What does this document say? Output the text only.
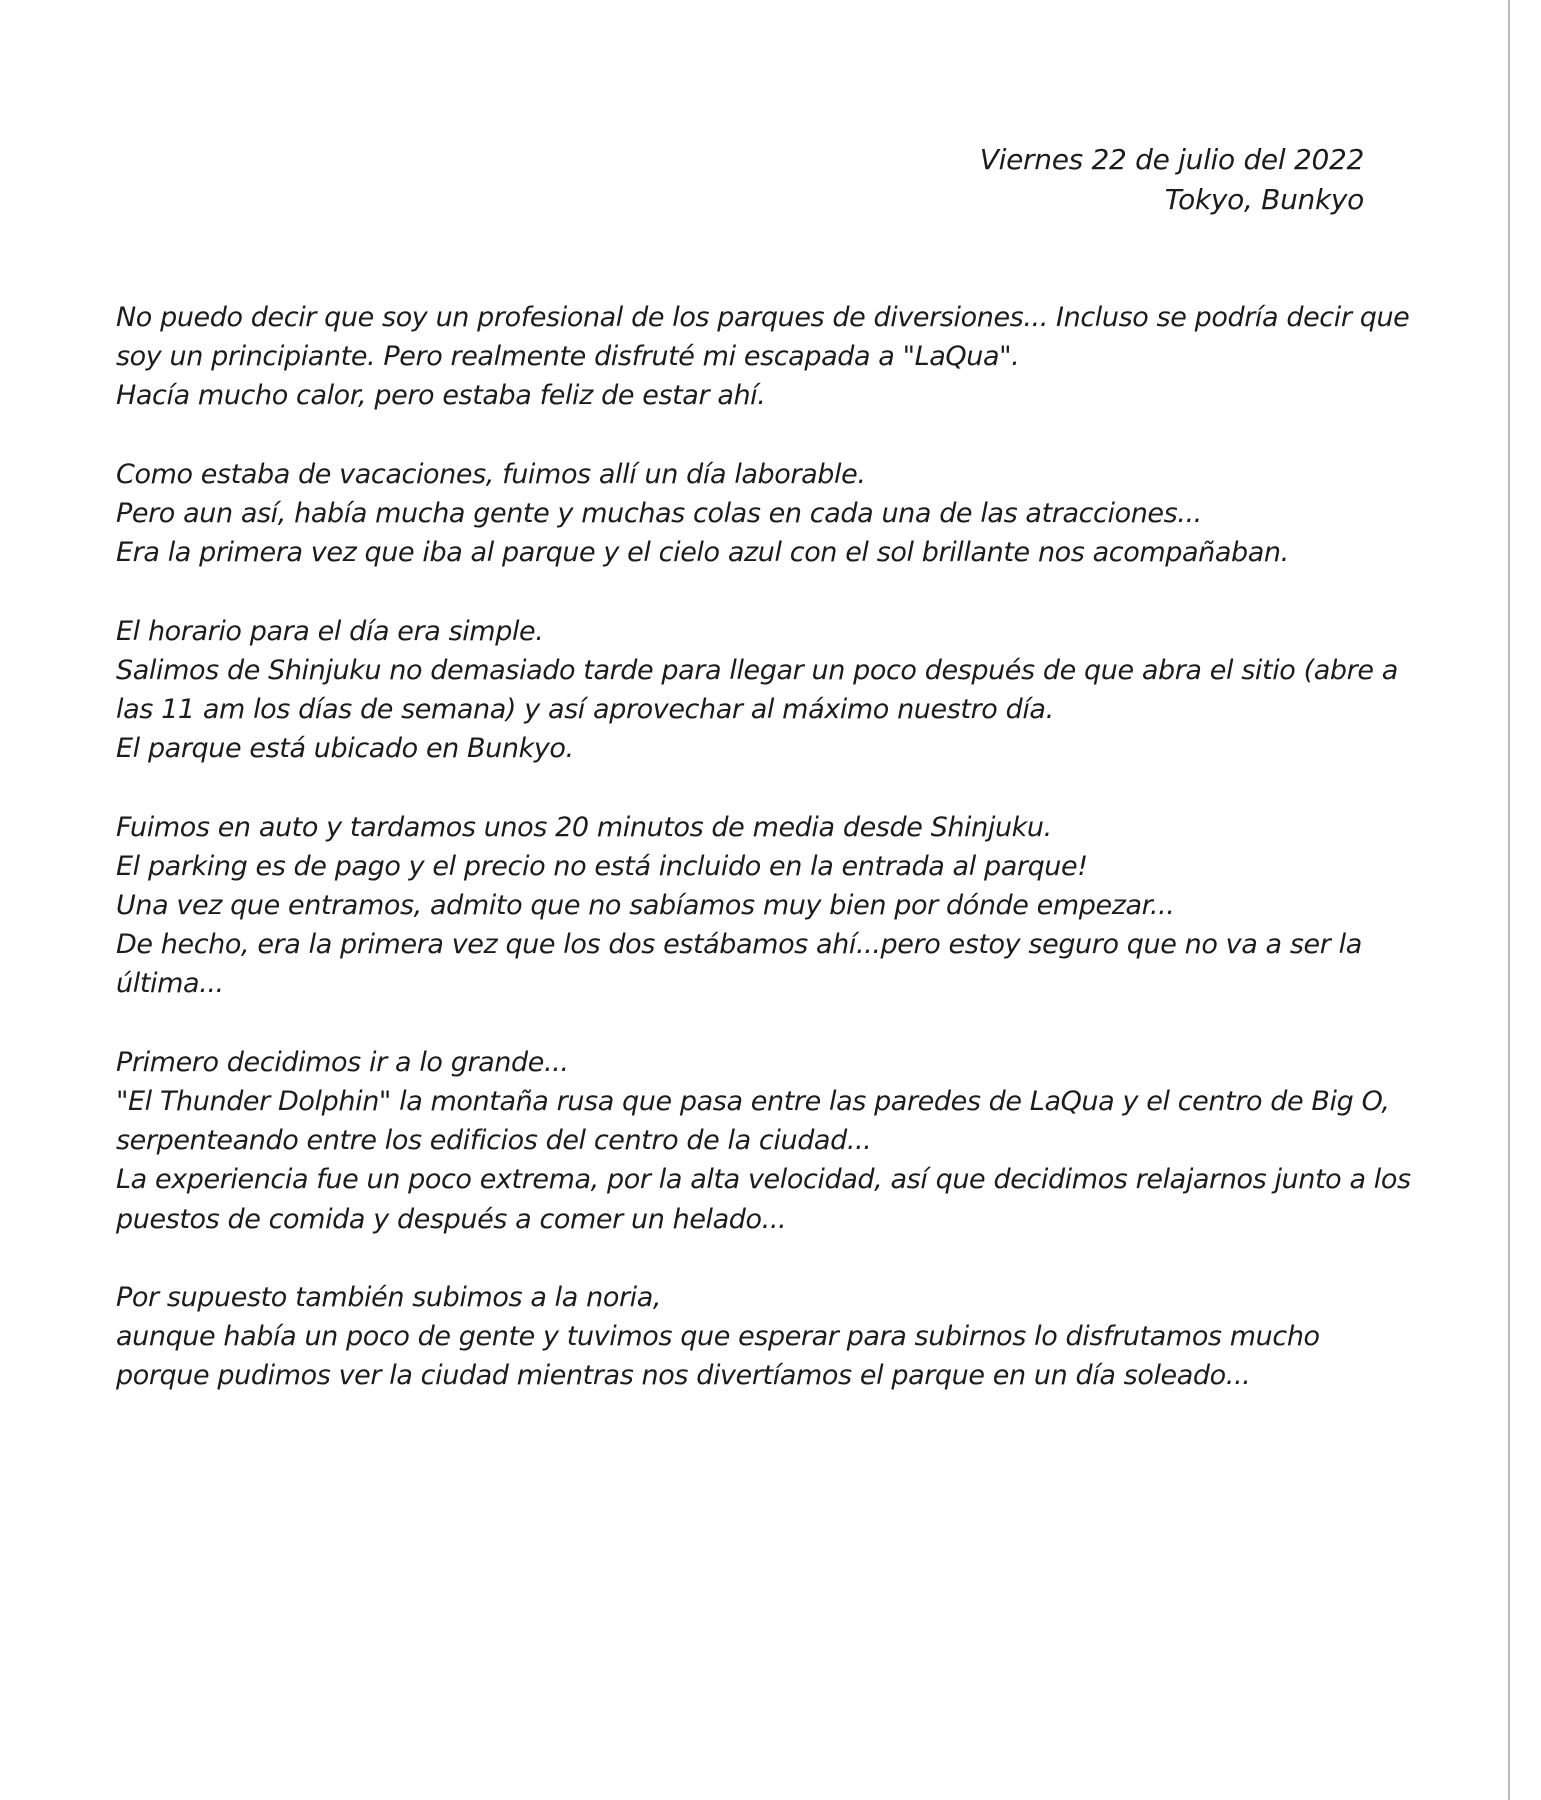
Viernes 22 de julio del 2022
Tokyo, Bunkyo
No puedo decir que soy un profesional de los parques de diversiones... Incluso se podría decir que
soy un principiante. Pero realmente disfruté mi escapada a "LaQua".
Hacía mucho calor, pero estaba feliz de estar ahí.
Como estaba de vacaciones, fuimos allí un día laborable.
Pero aun así, había mucha gente y muchas colas en cada una de las atracciones...
Era la primera vez que iba al parque y el cielo azul con el sol brillante nos acompañaban.
El horario para el día era simple.
Salimos de Shinjuku no demasiado tarde para llegar un poco después de que abra el sitio (abre a
las 11 am los días de semana) y así aprovechar al máximo nuestro día.
El parque está ubicado en Bunkyo.
Fuimos en auto y tardamos unos 20 minutos de media desde Shinjuku.
El parking es de pago y el precio no está incluido en la entrada al parque!
Una vez que entramos, admito que no sabíamos muy bien por dónde empezar...
De hecho, era la primera vez que los dos estábamos ahí...pero estoy seguro que no va a ser la
última...
Primero decidimos ir a lo grande...
"El Thunder Dolphin" la montaña rusa que pasa entre las paredes de LaQua y el centro de Big O,
serpenteando entre los edificios del centro de la ciudad...
La experiencia fue un poco extrema, por la alta velocidad, así que decidimos relajarnos junto a los
puestos de comida y después a comer un helado...
Por supuesto también subimos a la noria,
aunque había un poco de gente y tuvimos que esperar para subirnos lo disfrutamos mucho
porque pudimos ver la ciudad mientras nos divertíamos el parque en un día soleado...
